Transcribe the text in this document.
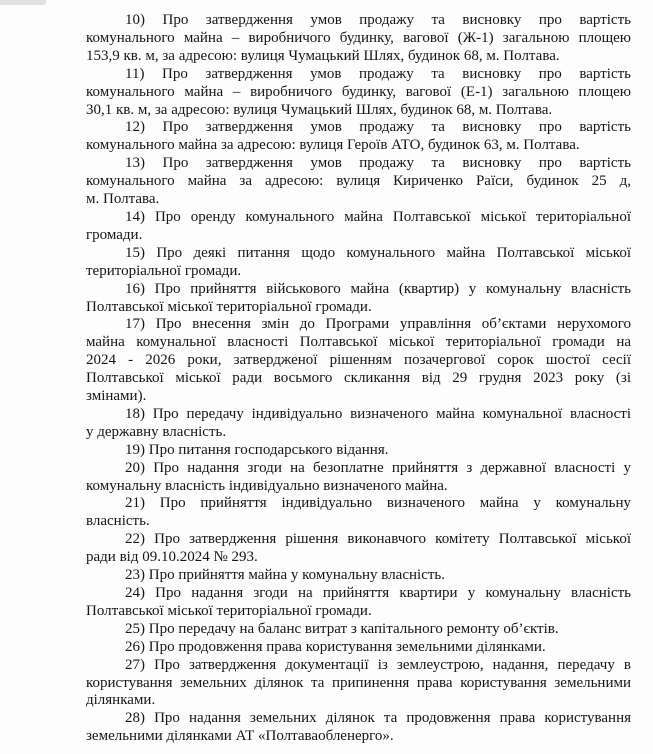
10) Про затвердження умов продажу та висновку про вартість
комунального майна – виробничого будинку, вагової (Ж-1) загальною площею
153,9 кв. м, за адресою: вулиця Чумацький Шлях, будинок 68, м. Полтава.
11) Про затвердження умов продажу та висновку про вартість
комунального майна – виробничого будинку, вагової (Е-1) загальною площею
30,1 кв. м, за адресою: вулиця Чумацький Шлях, будинок 68, м. Полтава.
12) Про затвердження умов продажу та висновку про вартість
комунального майна за адресою: вулиця Героїв АТО, будинок 63, м. Полтава.
13) Про затвердження умов продажу та висновку про вартість
комунального майна за адресою: вулиця Кириченко Раїси, будинок 25 д,
м. Полтава.
14) Про оренду комунального майна Полтавської міської територіальної
громади.
15) Про деякі питання щодо комунального майна Полтавської міської
територіальної громади.
16) Про прийняття військового майна (квартир) у комунальну власність
Полтавської міської територіальної громади.
17) Про внесення змін до Програми управління об’єктами нерухомого
майна комунальної власності Полтавської міської територіальної громади на
2024 - 2026 роки, затвердженої рішенням позачергової сорок шостої сесії
Полтавської міської ради восьмого скликання від 29 грудня 2023 року (зі
змінами).
18) Про передачу індивідуально визначеного майна комунальної власності
у державну власність.
19) Про питання господарського відання.
20) Про надання згоди на безоплатне прийняття з державної власності у
комунальну власність індивідуально визначеного майна.
21) Про прийняття індивідуально визначеного майна у комунальну
власність.
22) Про затвердження рішення виконавчого комітету Полтавської міської
ради від 09.10.2024 № 293.
23) Про прийняття майна у комунальну власність.
24) Про надання згоди на прийняття квартири у комунальну власність
Полтавської міської територіальної громади.
25) Про передачу на баланс витрат з капітального ремонту об’єктів.
26) Про продовження права користування земельними ділянками.
27) Про затвердження документації із землеустрою, надання, передачу в
користування земельних ділянок та припинення права користування земельними
ділянками.
28) Про надання земельних ділянок та продовження права користування
земельними ділянками АТ «Полтаваобленерго».
